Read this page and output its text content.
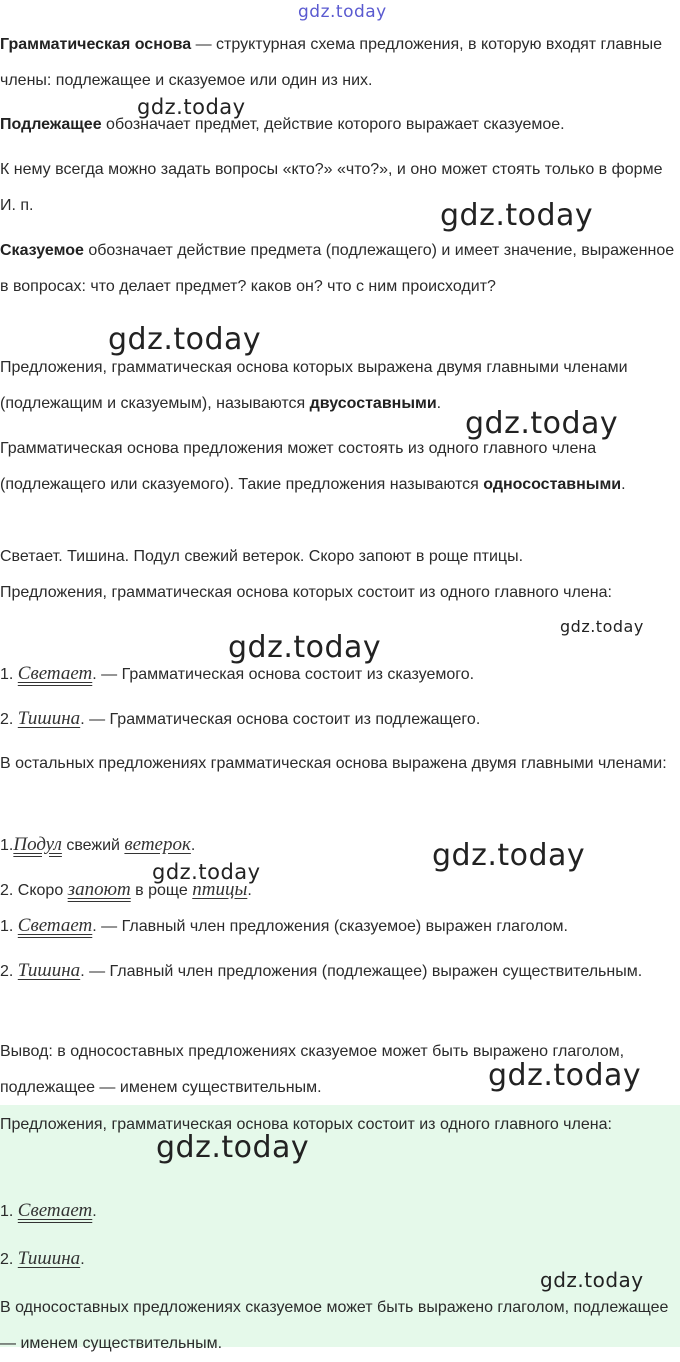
Грамматическая основа — структурная схема предложения, в которую входят главные члены: подлежащее и сказуемое или один из них.

Подлежащее обозначает предмет, действие которого выражает сказуемое.

К нему всегда можно задать вопросы «кто?» «что?», и оно может стоять только в форме И. п.

Сказуемое обозначает действие предмета (подлежащего) и имеет значение, выраженное в вопросах: что делает предмет? каков он? что с ним происходит?

Предложения, грамматическая основа которых выражена двумя главными членами (подлежащим и сказуемым), называются двусоставными.

Грамматическая основа предложения может состоять из одного главного члена (подлежащего или сказуемого). Такие предложения называются односоставными.

Светает. Тишина. Подул свежий ветерок. Скоро запоют в роще птицы.

Предложения, грамматическая основа которых состоит из одного главного члена:

1. Светает. — Грамматическая основа состоит из сказуемого.

2. Тишина. — Грамматическая основа состоит из подлежащего.

В остальных предложениях грамматическая основа выражена двумя главными членами:

1.Подул свежий ветерок.

2. Скоро запоют в роще птицы.

1. Светает. — Главный член предложения (сказуемое) выражен глаголом.

2. Тишина. — Главный член предложения (подлежащее) выражен существительным.

Вывод: в односоставных предложениях сказуемое может быть выражено глаголом, подлежащее — именем существительным.

Предложения, грамматическая основа которых состоит из одного главного члена:

1. Светает.

2. Тишина.

В односоставных предложениях сказуемое может быть выражено глаголом, подлежащее — именем существительным.

gdz.today
gdz.today
gdz.today
gdz.today
gdz.today
gdz.today
gdz.today
gdz.today
gdz.today
gdz.today
gdz.today
gdz.today
